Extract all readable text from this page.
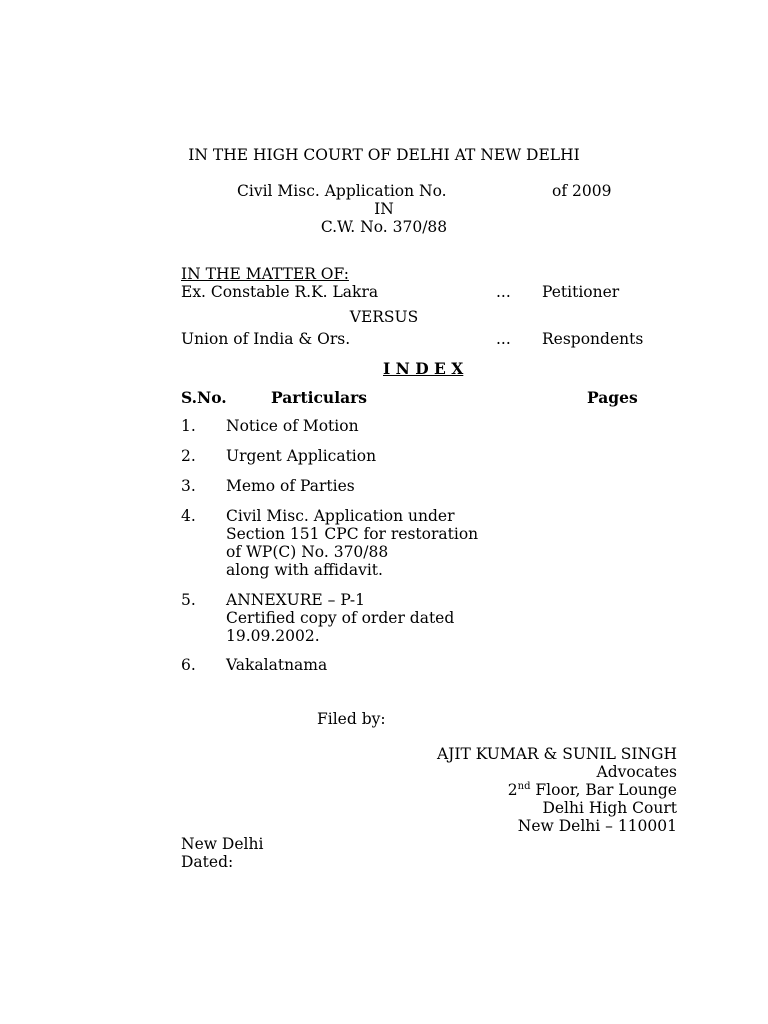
IN THE HIGH COURT OF DELHI AT NEW DELHI
Civil Misc. Application No.	of 2009
IN
C.W. No. 370/88
IN THE MATTER OF:
Ex. Constable R.K. Lakra	... Petitioner
VERSUS
Union of India & Ors.	... Respondents
I N D E X
S.No.	Particulars	Pages
1. Notice of Motion
2. Urgent Application
3. Memo of Parties
4. Civil Misc. Application under
Section 151 CPC for restoration
of WP(C) No. 370/88
along with affidavit.
5. ANNEXURE – P-1
Certified copy of order dated
19.09.2002.
6. Vakalatnama
Filed by:
AJIT KUMAR & SUNIL SINGH
Advocates
2nd Floor, Bar Lounge
Delhi High Court
New Delhi – 110001
New Delhi
Dated:
